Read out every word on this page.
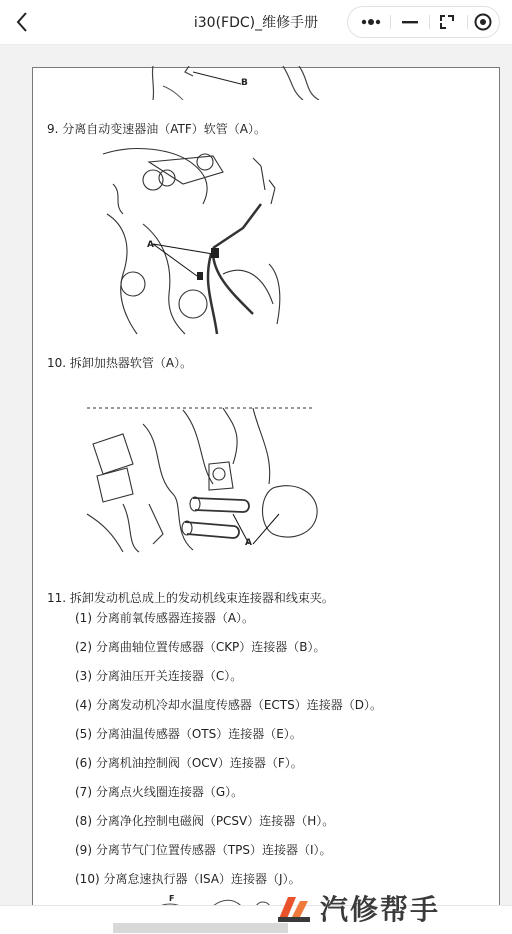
i30(FDC)_维修手册
B
9. 分离自动变速器油（ATF）软管（A）。
A
10. 拆卸加热器软管（A）。
A
11. 拆卸发动机总成上的发动机线束连接器和线束夹。
(1) 分离前氧传感器连接器（A）。
(2) 分离曲轴位置传感器（CKP）连接器（B）。
(3) 分离油压开关连接器（C）。
(4) 分离发动机冷却水温度传感器（ECTS）连接器（D）。
(5) 分离油温传感器（OTS）连接器（E）。
(6) 分离机油控制阀（OCV）连接器（F）。
(7) 分离点火线圈连接器（G）。
(8) 分离净化控制电磁阀（PCSV）连接器（H）。
(9) 分离节气门位置传感器（TPS）连接器（I）。
(10) 分离怠速执行器（ISA）连接器（J）。
F	汽修帮手
